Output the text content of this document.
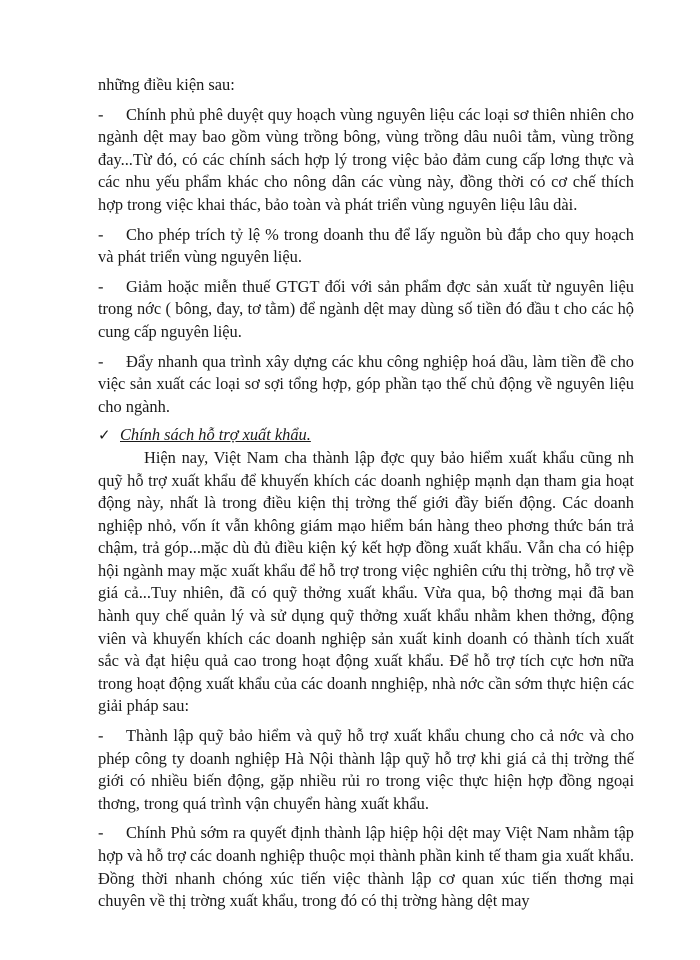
những điều kiện sau:

-	Chính phủ phê duyệt quy hoạch vùng nguyên liệu các loại sơ thiên nhiên cho ngành dệt may bao gồm vùng trồng bông, vùng trồng dâu nuôi tằm, vùng trồng đay...Từ đó, có các chính sách hợp lý trong việc bảo đảm cung cấp lơng thực và các nhu yếu phẩm khác cho nông dân các vùng này, đồng thời có cơ chế thích hợp trong việc khai thác, bảo toàn và phát triển vùng nguyên liệu lâu dài.

-	Cho phép trích tỷ lệ % trong doanh thu để lấy nguồn bù đắp cho quy hoạch và phát triển vùng nguyên liệu.

-	Giảm hoặc miễn thuế GTGT đối với sản phẩm đợc sản xuất từ nguyên liệu trong nớc ( bông, đay, tơ tằm) để ngành dệt may dùng số tiền đó đầu t cho các hộ cung cấp nguyên liệu.

-	Đẩy nhanh qua trình xây dựng các khu công nghiệp hoá dầu, làm tiền đề cho việc sản xuất các loại sơ sợi tổng hợp, góp phần tạo thế chủ động về nguyên liệu cho ngành.

✓ Chính sách hỗ trợ xuất khẩu.

Hiện nay, Việt Nam cha thành lập đợc quy bảo hiểm xuất khẩu cũng nh quỹ hỗ trợ xuất khẩu để khuyến khích các doanh nghiệp mạnh dạn tham gia hoạt động này, nhất là trong điều kiện thị trờng thế giới đầy biến động. Các doanh nghiệp nhỏ, vốn ít vẫn không giám mạo hiểm bán hàng theo phơng thức bán trả chậm, trả góp...mặc dù đủ điều kiện ký kết hợp đồng xuất khẩu. Vẫn cha có hiệp hội ngành may mặc xuất khẩu để hỗ trợ trong việc nghiên cứu thị trờng, hỗ trợ về giá cả...Tuy nhiên, đã có quỹ thởng xuất khẩu. Vừa qua, bộ thơng mại đã ban hành quy chế quản lý và sử dụng quỹ thởng xuất khẩu nhằm khen thởng, động viên và khuyến khích các doanh nghiệp sản xuất kinh doanh có thành tích xuất sắc và đạt hiệu quả cao trong hoạt động xuất khẩu. Để hỗ trợ tích cực hơn nữa trong hoạt động xuất khẩu của các doanh nnghiệp, nhà nớc cần sớm thực hiện các giải pháp sau:

-	Thành lập quỹ bảo hiểm và quỹ hỗ trợ xuất khẩu chung cho cả nớc và cho phép công ty doanh nghiệp Hà Nội thành lập quỹ hỗ trợ khi giá cả thị trờng thế giới có nhiều biến động, gặp nhiều rủi ro trong việc thực hiện hợp đồng ngoại thơng, trong quá trình vận chuyển hàng xuất khẩu.

-	Chính Phủ sớm ra quyết định thành lập hiệp hội dệt may Việt Nam nhằm tập hợp và hỗ trợ các doanh nghiệp thuộc mọi thành phần kinh tế tham gia xuất khẩu. Đồng thời nhanh chóng xúc tiến việc thành lập cơ quan xúc tiến thơng mại chuyên về thị trờng xuất khẩu, trong đó có thị trờng hàng dệt may
